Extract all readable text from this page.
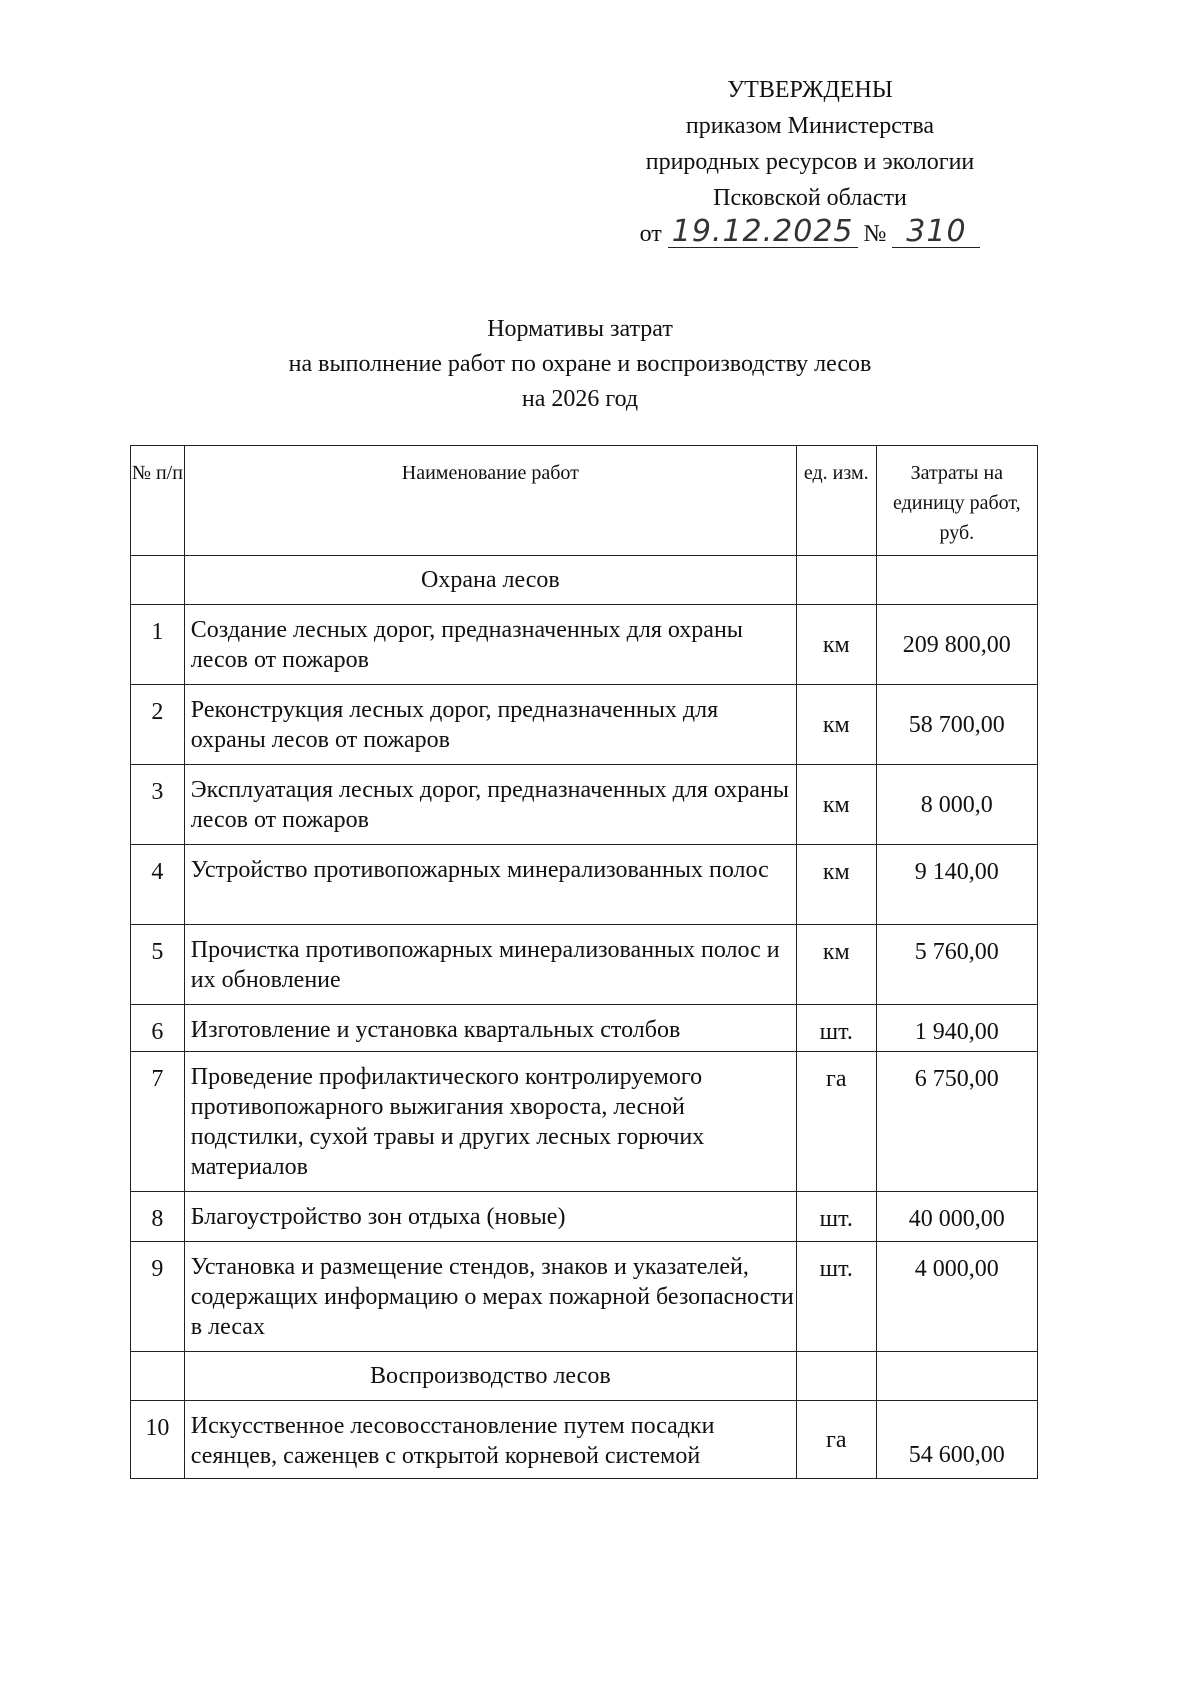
УТВЕРЖДЕНЫ
приказом Министерства
природных ресурсов и экологии
Псковской области
от 19.12.2025 № 310
Нормативы затрат
на выполнение работ по охране и воспроизводству лесов
на 2026 год
№ п/п	Наименование работ	ед. изм.	Затраты на единицу работ, руб.
	Охрана лесов		
1	Создание лесных дорог, предназначенных для охраны лесов от пожаров	км	209 800,00
2	Реконструкция лесных дорог, предназначенных для охраны лесов от пожаров	км	58 700,00
3	Эксплуатация лесных дорог, предназначенных для охраны лесов от пожаров	км	8 000,0
4	Устройство противопожарных минерализованных полос	км	9 140,00
5	Прочистка противопожарных минерализованных полос и их обновление	км	5 760,00
6	Изготовление и установка квартальных столбов	шт.	1 940,00
7	Проведение профилактического контролируемого противопожарного выжигания хвороста, лесной подстилки, сухой травы и других лесных горючих материалов	га	6 750,00
8	Благоустройство зон отдыха (новые)	шт.	40 000,00
9	Установка и размещение стендов, знаков и указателей, содержащих информацию о мерах пожарной безопасности в лесах	шт.	4 000,00
	Воспроизводство лесов		
10	Искусственное лесовосстановление путем посадки сеянцев, саженцев с открытой корневой системой	га	54 600,00
